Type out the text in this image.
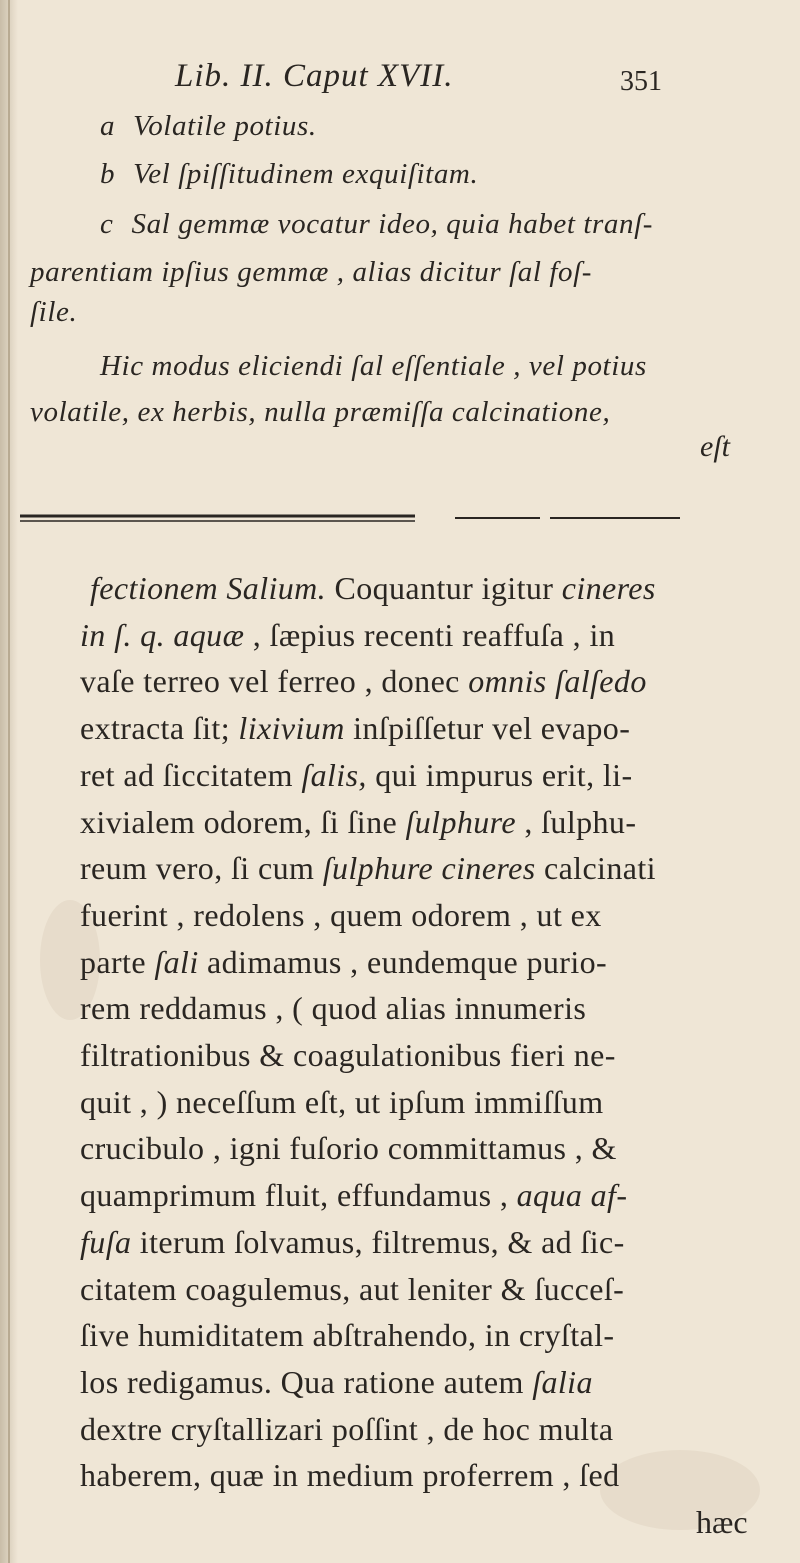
Lib. II. Caput XVII.	351
a Volatile potius.
b Vel ſpiſſitudinem exquiſitam.
c Sal gemmæ vocatur ideo, quia habet tranſ-
parentiam ipſius gemmæ , alias dicitur ſal foſ-
ſile.
Hic modus eliciendi ſal eſſentiale , vel potius
volatile, ex herbis, nulla præmiſſa calcinatione,
eſt
fectionem Salium. Coquantur igitur cineres
in ſ. q. aquæ , ſæpius recenti reaffuſa , in
vaſe terreo vel ferreo , donec omnis ſalſedo
extracta ſit; lixivium inſpiſſetur vel evapo-
ret ad ſiccitatem ſalis, qui impurus erit, li-
xivialem odorem, ſi ſine ſulphure , ſulphu-
reum vero, ſi cum ſulphure cineres calcinati
fuerint , redolens , quem odorem , ut ex
parte ſali adimamus , eundemque purio-
rem reddamus , ( quod alias innumeris
filtrationibus & coagulationibus fieri ne-
quit , ) neceſſum eſt, ut ipſum immiſſum
crucibulo , igni fuſorio committamus , &
quamprimum fluit, effundamus , aqua af-
fuſa iterum ſolvamus, filtremus, & ad ſic-
citatem coagulemus, aut leniter & ſucceſ-
ſive humiditatem abſtrahendo, in cryſtal-
los redigamus. Qua ratione autem ſalia
dextre cryſtallizari poſſint , de hoc multa
haberem, quæ in medium proferrem , ſed
hæc
